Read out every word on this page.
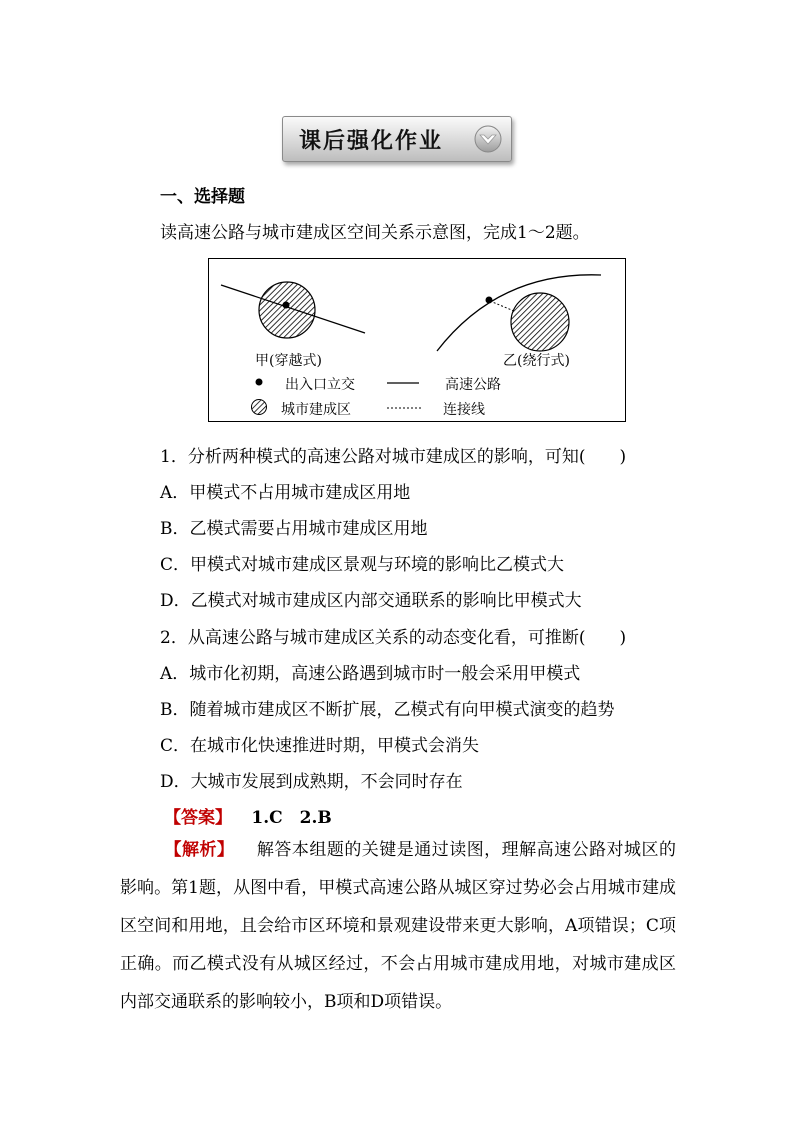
课后强化作业
一、选择题
读高速公路与城市建成区空间关系示意图，完成1～2题。
甲(穿越式)	乙(绕行式)
出入口立交	高速公路
城市建成区	连接线
1．分析两种模式的高速公路对城市建成区的影响，可知( )
A．甲模式不占用城市建成区用地
B．乙模式需要占用城市建成区用地
C．甲模式对城市建成区景观与环境的影响比乙模式大
D．乙模式对城市建成区内部交通联系的影响比甲模式大
2．从高速公路与城市建成区关系的动态变化看，可推断( )
A．城市化初期，高速公路遇到城市时一般会采用甲模式
B．随着城市建成区不断扩展，乙模式有向甲模式演变的趋势
C．在城市化快速推进时期，甲模式会消失
D．大城市发展到成熟期，不会同时存在
【答案】 1.C　2.B
【解析】 解答本组题的关键是通过读图，理解高速公路对城区的影响。第1题，从图中看，甲模式高速公路从城区穿过势必会占用城市建成区空间和用地，且会给市区环境和景观建设带来更大影响，A项错误；C项正确。而乙模式没有从城区经过，不会占用城市建成用地，对城市建成区内部交通联系的影响较小，B项和D项错误。
